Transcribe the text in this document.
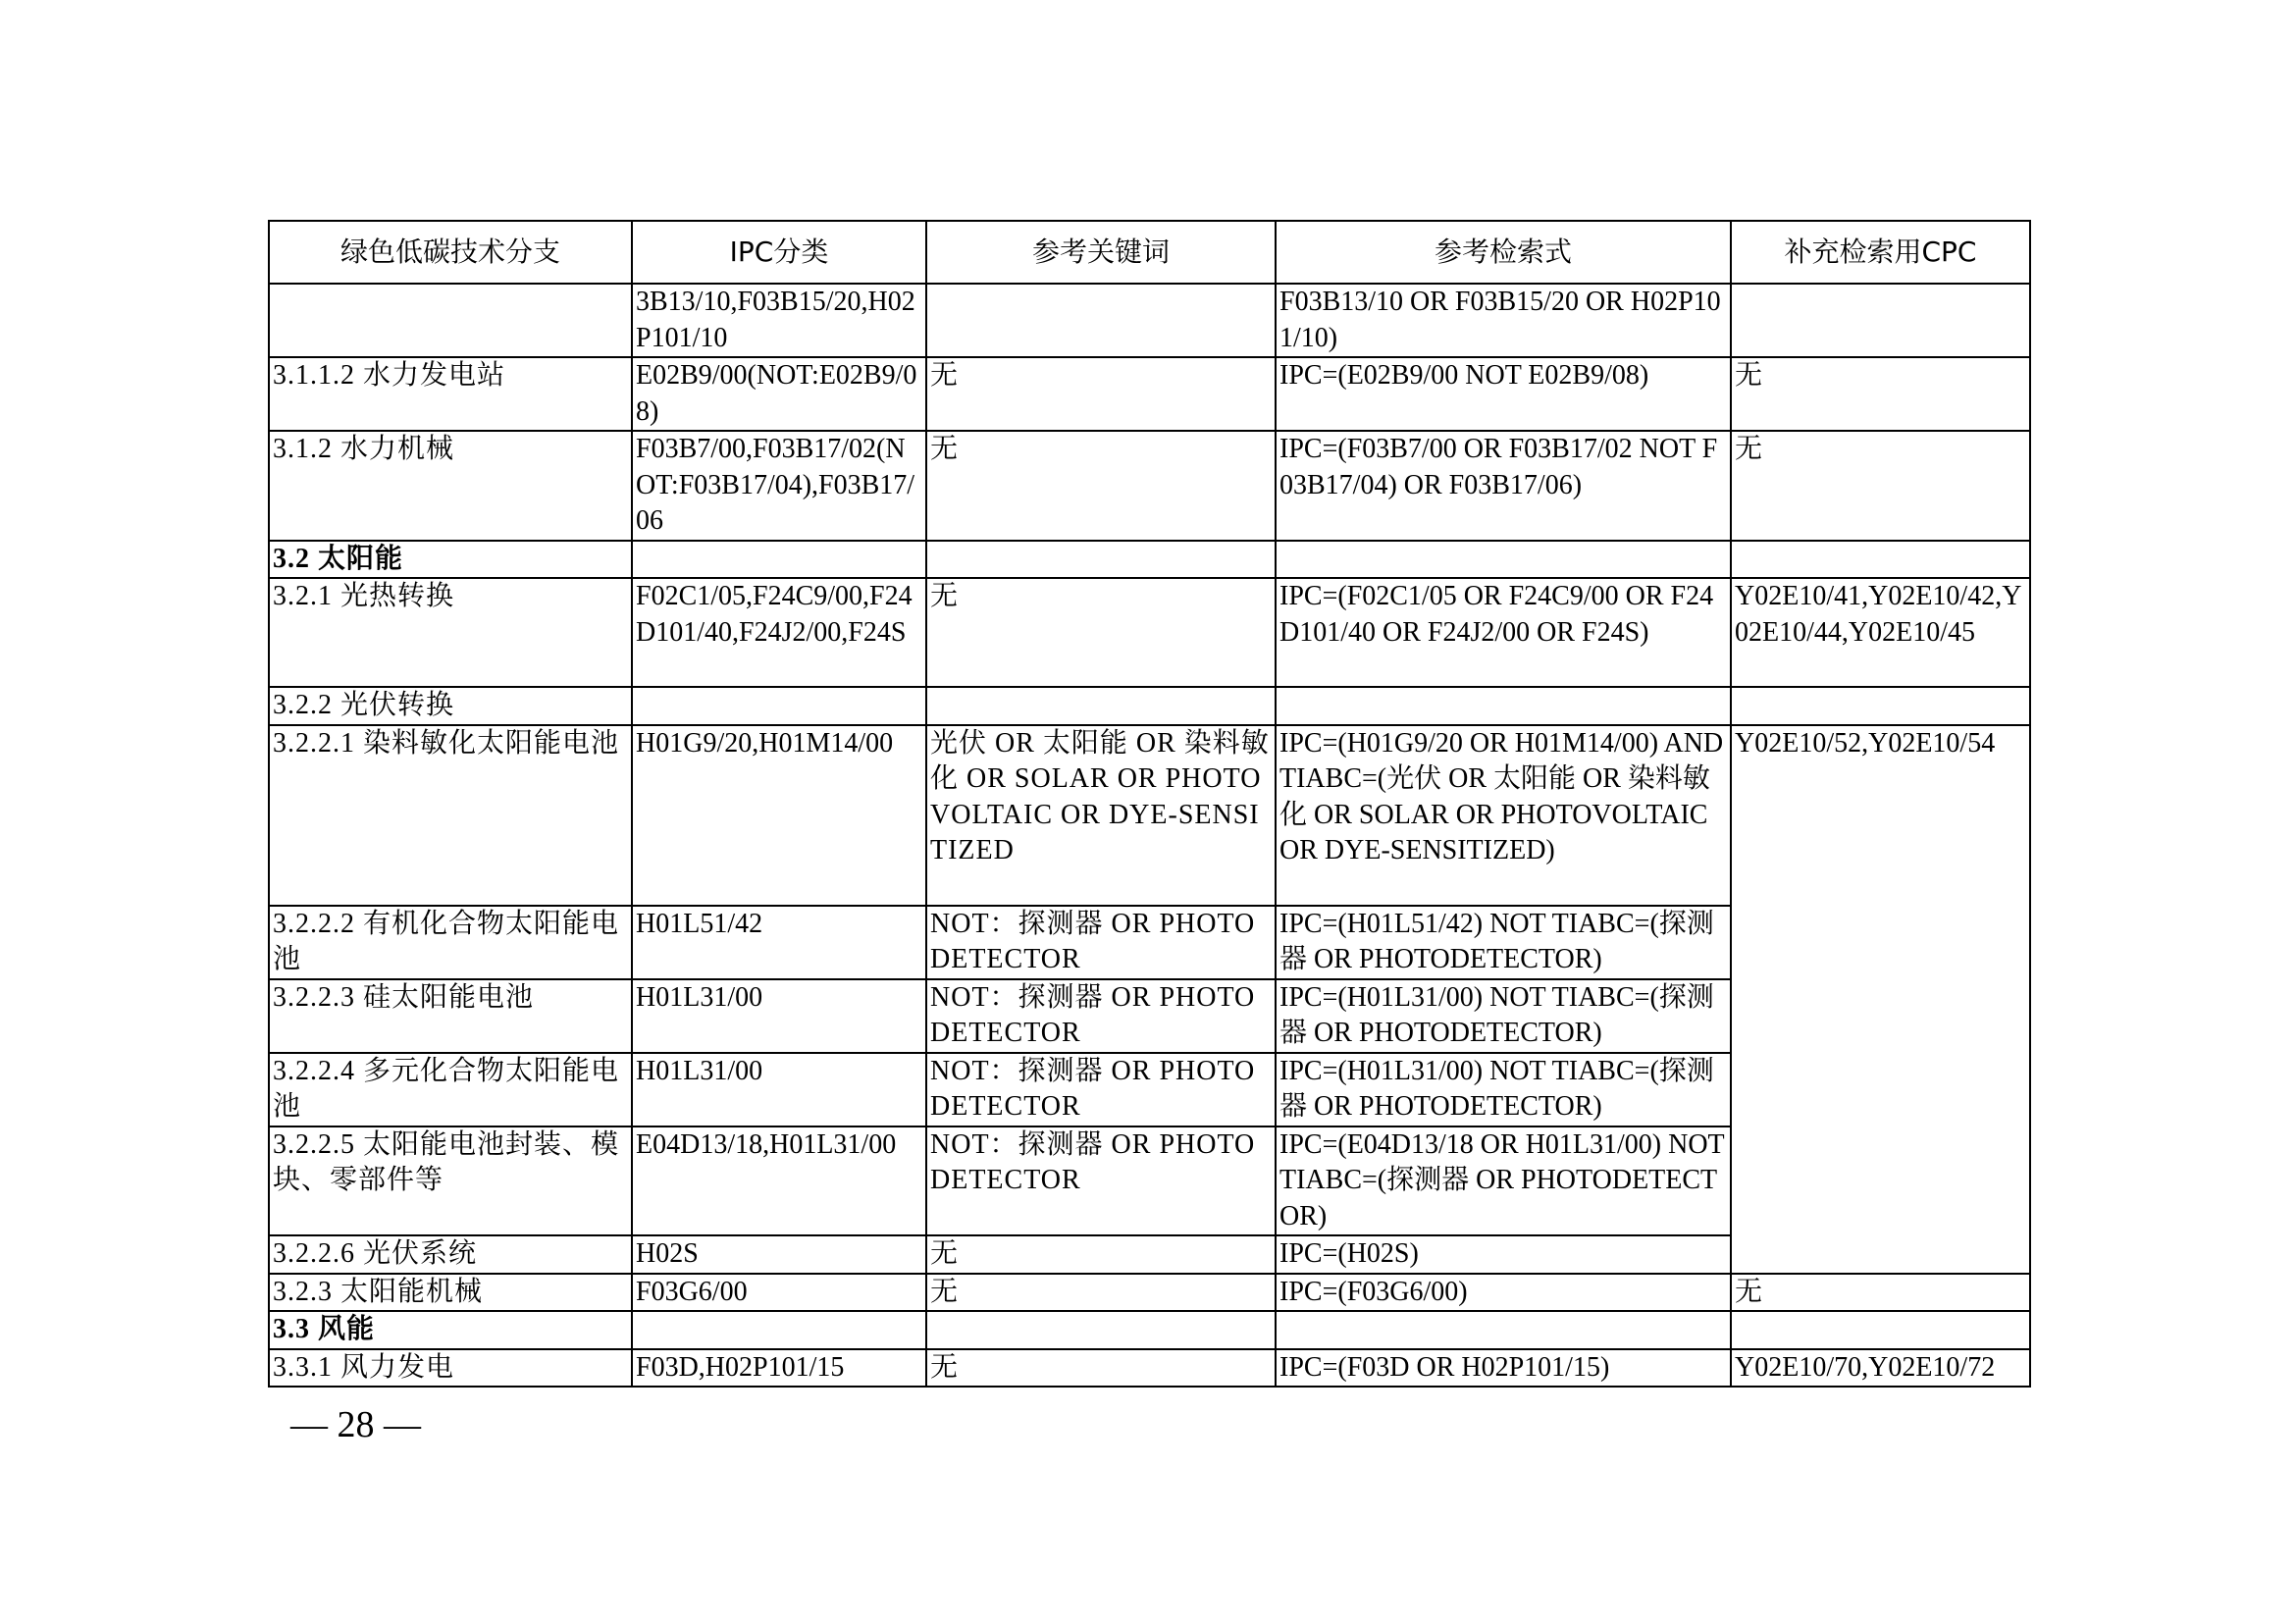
绿色低碳技术分支	IPC分类	参考关键词	参考检索式	补充检索用CPC
	3B13/10,F03B15/20,H02P101/10		F03B13/10 OR F03B15/20 OR H02P101/10)	
3.1.1.2 水力发电站	E02B9/00(NOT:E02B9/08)	无	IPC=(E02B9/00 NOT E02B9/08)	无
3.1.2 水力机械	F03B7/00,F03B17/02(NOT:F03B17/04),F03B17/06	无	IPC=(F03B7/00 OR F03B17/02 NOT F03B17/04) OR F03B17/06)	无
3.2 太阳能				
3.2.1 光热转换	F02C1/05,F24C9/00,F24D101/40,F24J2/00,F24S	无	IPC=(F02C1/05 OR F24C9/00 OR F24D101/40 OR F24J2/00 OR F24S)	Y02E10/41,Y02E10/42,Y02E10/44,Y02E10/45
3.2.2 光伏转换				
3.2.2.1 染料敏化太阳能电池	H01G9/20,H01M14/00	光伏 OR 太阳能 OR 染料敏化 OR SOLAR OR PHOTOVOLTAIC OR DYE-SENSITIZED	IPC=(H01G9/20 OR H01M14/00) AND TIABC=(光伏 OR 太阳能 OR 染料敏化 OR SOLAR OR PHOTOVOLTAIC OR DYE-SENSITIZED)	Y02E10/52,Y02E10/54
3.2.2.2 有机化合物太阳能电池	H01L51/42	NOT：探测器 OR PHOTODETECTOR	IPC=(H01L51/42) NOT TIABC=(探测器 OR PHOTODETECTOR)	
3.2.2.3 硅太阳能电池	H01L31/00	NOT：探测器 OR PHOTODETECTOR	IPC=(H01L31/00) NOT TIABC=(探测器 OR PHOTODETECTOR)	
3.2.2.4 多元化合物太阳能电池	H01L31/00	NOT：探测器 OR PHOTODETECTOR	IPC=(H01L31/00) NOT TIABC=(探测器 OR PHOTODETECTOR)	
3.2.2.5 太阳能电池封装、模块、零部件等	E04D13/18,H01L31/00	NOT：探测器 OR PHOTODETECTOR	IPC=(E04D13/18 OR H01L31/00) NOT TIABC=(探测器 OR PHOTODETECTOR)	
3.2.2.6 光伏系统	H02S	无	IPC=(H02S)	
3.2.3 太阳能机械	F03G6/00	无	IPC=(F03G6/00)	无
3.3 风能				
3.3.1 风力发电	F03D,H02P101/15	无	IPC=(F03D OR H02P101/15)	Y02E10/70,Y02E10/72
— 28 —
